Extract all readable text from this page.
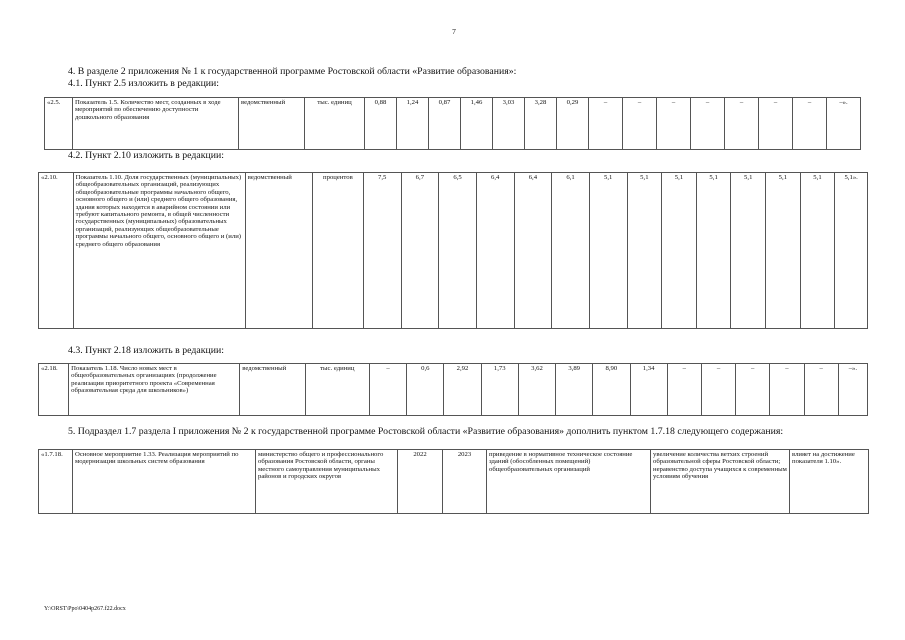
7
4. В разделе 2 приложения № 1 к государственной программе Ростовской области «Развитие образования»:
4.1. Пункт 2.5 изложить в редакции:
«2.5.	Показатель 1.5. Количество мест, созданных в ходе мероприятий по обеспечению доступности дошкольного образования	ведомственный	тыс. единиц	0,88	1,24	0,87	1,46	3,03	3,28	0,29	–	–	–	–	–	–	–	–».
4.2. Пункт 2.10 изложить в редакции:
«2.10.	Показатель 1.10. Доля государственных (муниципальных) общеобразовательных организаций, реализующих общеобразовательные программы начального общего, основного общего и (или) среднего общего образования, здания которых находятся в аварийном состоянии или требуют капитального ремонта, в общей численности государственных (муниципальных) образовательных организаций, реализующих общеобразовательные программы начального общего, основного общего и (или) среднего общего образования	ведомственный	процентов	7,5	6,7	6,5	6,4	6,4	6,1	5,1	5,1	5,1	5,1	5,1	5,1	5,1	5,1».
4.3. Пункт 2.18 изложить в редакции:
«2.18.	Показатель 1.18. Число новых мест в общеобразовательных организациях (продолжение реализации приоритетного проекта «Современная образовательная среда для школьников»)	ведомственный	тыс. единиц	–	0,6	2,92	1,73	3,62	3,89	8,90	1,34	–	–	–	–	–	–».
5. Подраздел 1.7 раздела I приложения № 2 к государственной программе Ростовской области «Развитие образования» дополнить пунктом 1.7.18 следующего содержания:
«1.7.18.	Основное мероприятие 1.33. Реализация мероприятий по модернизации школьных систем образования	министерство общего и профессионального образования Ростовской области, органы местного самоуправления муниципальных районов и городских округов	2022	2023	приведение в нормативное техническое состояние зданий (обособленных помещений) общеобразовательных организаций	увеличение количества ветхих строений образовательной сферы Ростовской области; неравенство доступа учащихся к современным условиям обучения	влияет на достижение показателя 1.10».
Y:\ORST\Ppo\0404p267.f22.docx
